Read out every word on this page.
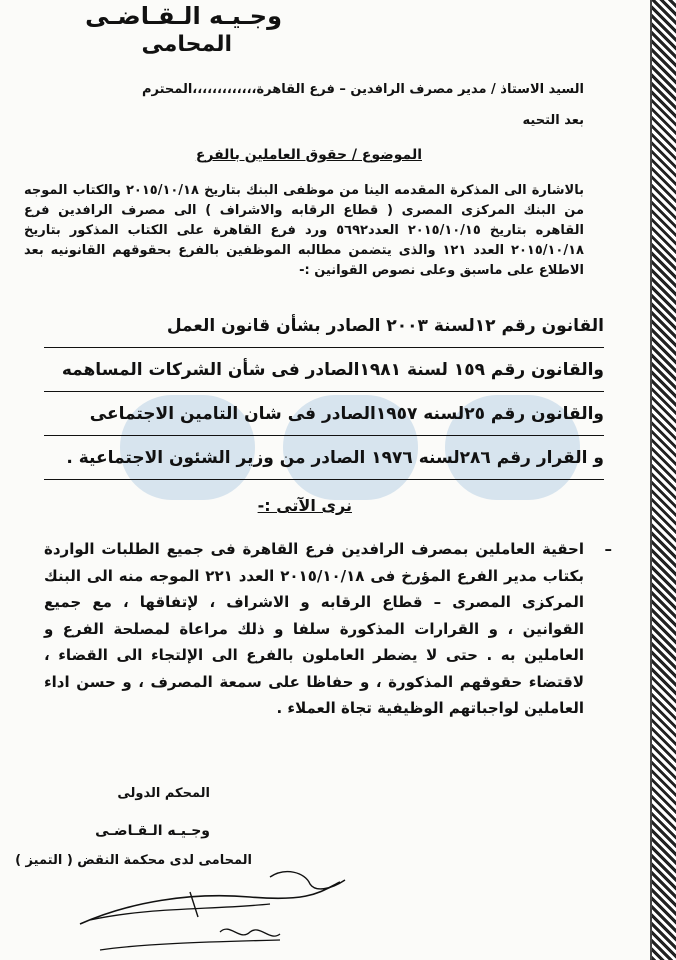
وجـيـه الـقـاضـى
المحامى
السيد الاستاذ / مدير مصرف الرافدين – فرع القاهرة،،،،،،،،،،،،،المحترم
بعد التحيه
الموضوع / حقوق العاملين بالفرع
بالاشارة الى المذكرة المقدمه الينا من موظفى البنك بتاريخ ٢٠١٥/١٠/١٨ والكتاب الموجه من البنك المركزى المصرى ( قطاع الرقابه والاشراف ) الى مصرف الرافدين فرع القاهره بتاريخ ٢٠١٥/١٠/١٥ العدد٥٦٩٢ ورد فرع القاهرة على الكتاب المذكور بتاريخ ٢٠١٥/١٠/١٨ العدد ١٢١ والذى يتضمن مطالبه الموظفين بالفرع بحقوقهم القانونيه بعد الاطلاع على ماسبق وعلى نصوص القوانين :-
القانون رقم ١٢لسنة ٢٠٠٣ الصادر بشأن قانون العمل
والقانون رقم ١٥٩ لسنة ١٩٨١الصادر فى شأن الشركات المساهمه
والقانون رقم ٢٥لسنه ١٩٥٧الصادر فى شان التامين الاجتماعى
و القرار رقم ٢٨٦لسنه ١٩٧٦ الصادر من وزير الشئون الاجتماعية .
نرى الآتى :-
–
احقية العاملين بمصرف الرافدين فرع القاهرة فى جميع الطلبات الواردة بكتاب مدير الفرع المؤرخ فى ٢٠١٥/١٠/١٨ العدد ٢٢١ الموجه منه الى البنك المركزى المصرى – قطاع الرقابه و الاشراف ، لإتفاقها ، مع جميع القوانين ، و القرارات المذكورة سلفا و ذلك مراعاة لمصلحة الفرع و العاملين به . حتى لا يضطر العاملون بالفرع الى الإلتجاء الى القضاء ، لاقتضاء حقوقهم المذكورة ، و حفاظا على سمعة المصرف ، و حسن اداء العاملين لواجباتهم الوظيفية تجاة العملاء .
المحكم الدولى
وجـيـه الـقـاضـى
المحامى لدى محكمة النقض ( التميز )
